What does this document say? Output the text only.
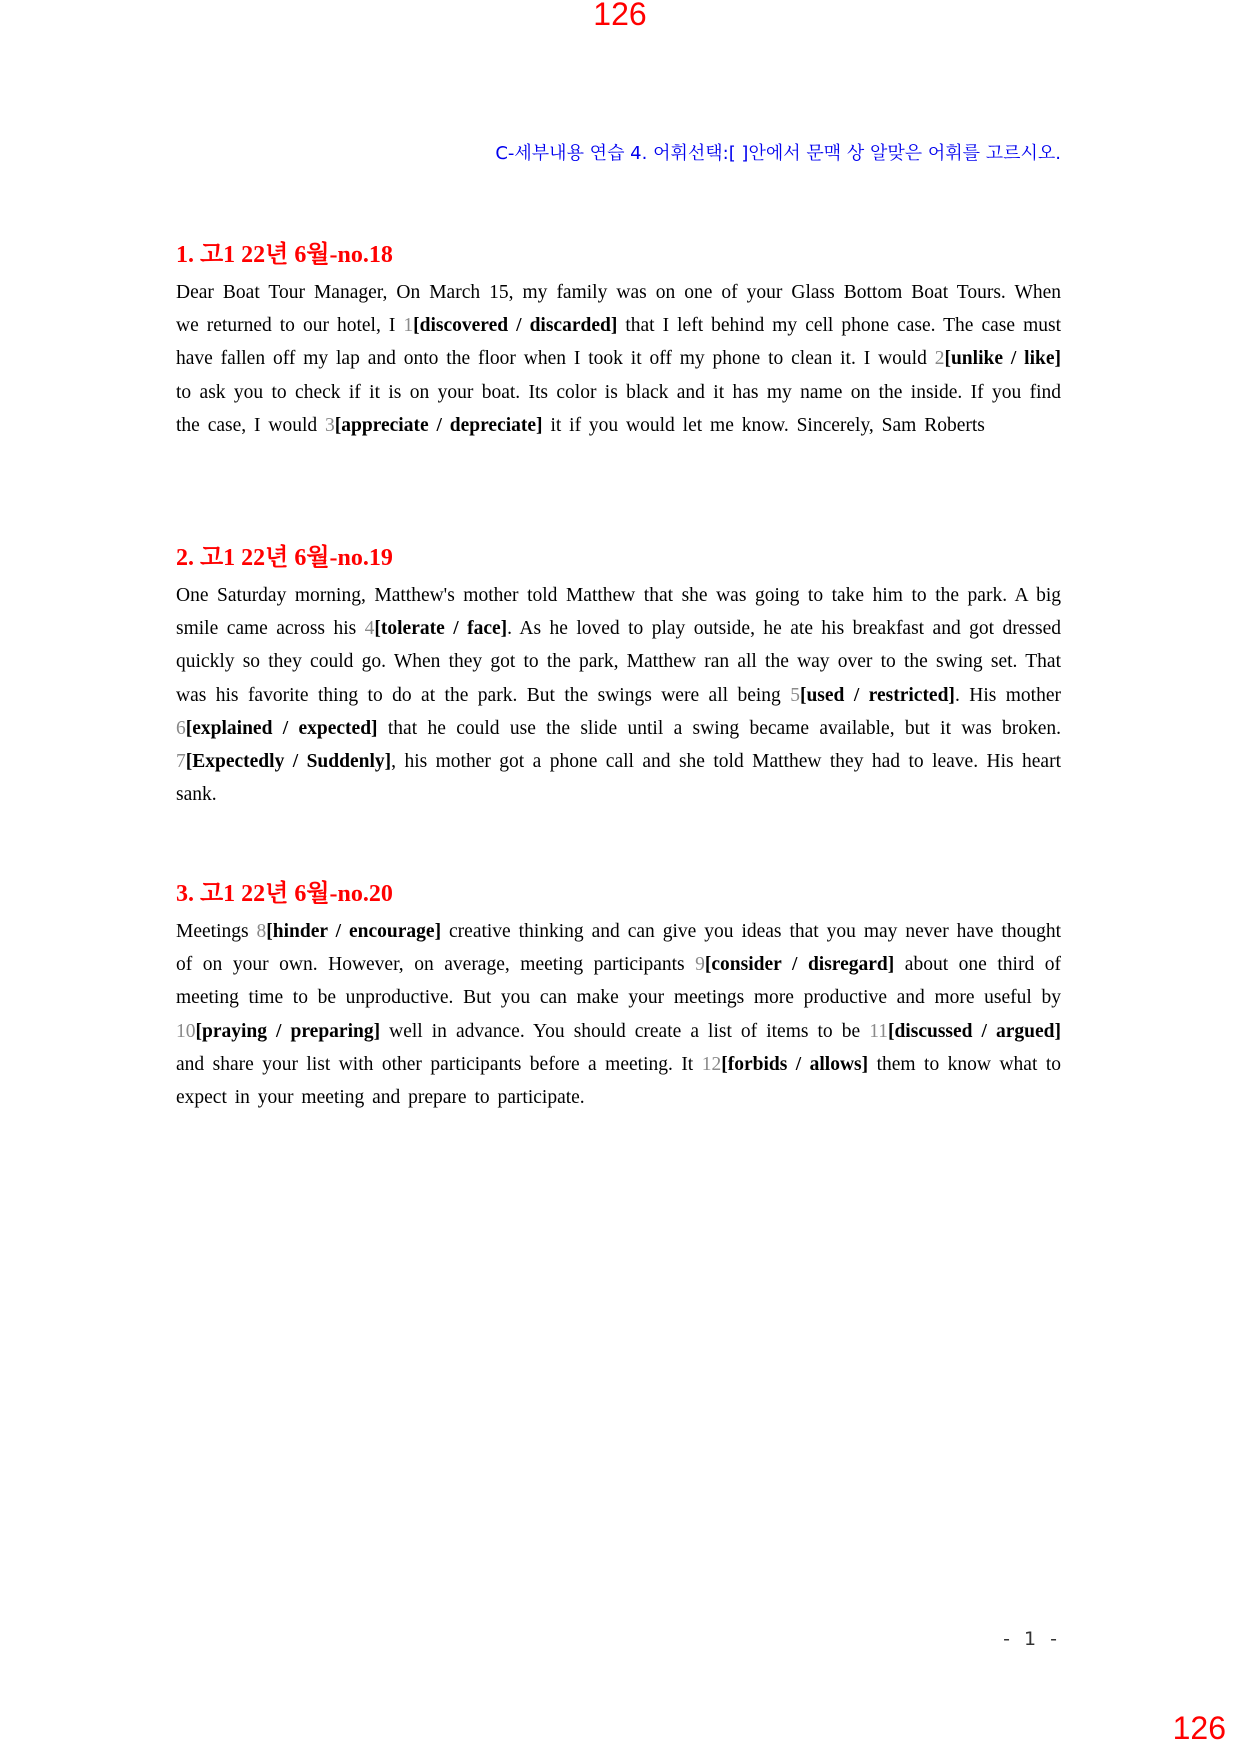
126
C-세부내용 연습 4. 어휘선택:[ ]안에서 문맥 상 알맞은 어휘를 고르시오.
1. 고1 22년 6월-no.18
Dear Boat Tour Manager, On March 15, my family was on one of your Glass Bottom Boat Tours. When we returned to our hotel, I 1[discovered / discarded] that I left behind my cell phone case. The case must have fallen off my lap and onto the floor when I took it off my phone to clean it. I would 2[unlike / like] to ask you to check if it is on your boat. Its color is black and it has my name on the inside. If you find the case, I would 3[appreciate / depreciate] it if you would let me know. Sincerely, Sam Roberts
2. 고1 22년 6월-no.19
One Saturday morning, Matthew's mother told Matthew that she was going to take him to the park. A big smile came across his 4[tolerate / face]. As he loved to play outside, he ate his breakfast and got dressed quickly so they could go. When they got to the park, Matthew ran all the way over to the swing set. That was his favorite thing to do at the park. But the swings were all being 5[used / restricted]. His mother 6[explained / expected] that he could use the slide until a swing became available, but it was broken. 7[Expectedly / Suddenly], his mother got a phone call and she told Matthew they had to leave. His heart sank.
3. 고1 22년 6월-no.20
Meetings 8[hinder / encourage] creative thinking and can give you ideas that you may never have thought of on your own. However, on average, meeting participants 9[consider / disregard] about one third of meeting time to be unproductive. But you can make your meetings more productive and more useful by 10[praying / preparing] well in advance. You should create a list of items to be 11[discussed / argued] and share your list with other participants before a meeting. It 12[forbids / allows] them to know what to expect in your meeting and prepare to participate.
- 1 -
126
